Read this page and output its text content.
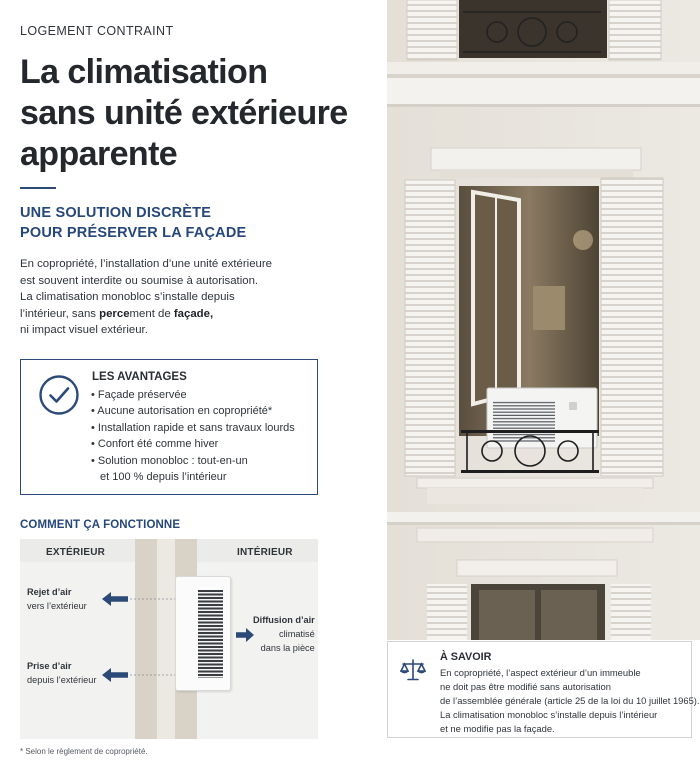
LOGEMENT CONTRAINT
La climatisation
sans unité extérieure
apparente
UNE SOLUTION DISCRÈTE
POUR PRÉSERVER LA FAÇADE
En copropriété, l’installation d’une unité extérieure
est souvent interdite ou soumise à autorisation.
La climatisation monobloc s’installe depuis
l’intérieur, sans percement de façade,
ni impact visuel extérieur.
LES AVANTAGES
• Façade préservée
• Aucune autorisation en copropriété*
• Installation rapide et sans travaux lourds
• Confort été comme hiver
• Solution monobloc : tout-en-un
et 100 % depuis l’intérieur
COMMENT ÇA FONCTIONNE
EXTÉRIEUR	INTÉRIEUR
Rejet d’air
vers l’extérieur
Prise d’air
depuis l’extérieur
Diffusion d’air
climatisé
dans la pièce
* Selon le règlement de copropriété.
À SAVOIR
En copropriété, l’aspect extérieur d’un immeuble
ne doit pas être modifié sans autorisation
de l’assemblée générale (article 25 de la loi du 10 juillet 1965).
La climatisation monobloc s’installe depuis l’intérieur
et ne modifie pas la façade.
